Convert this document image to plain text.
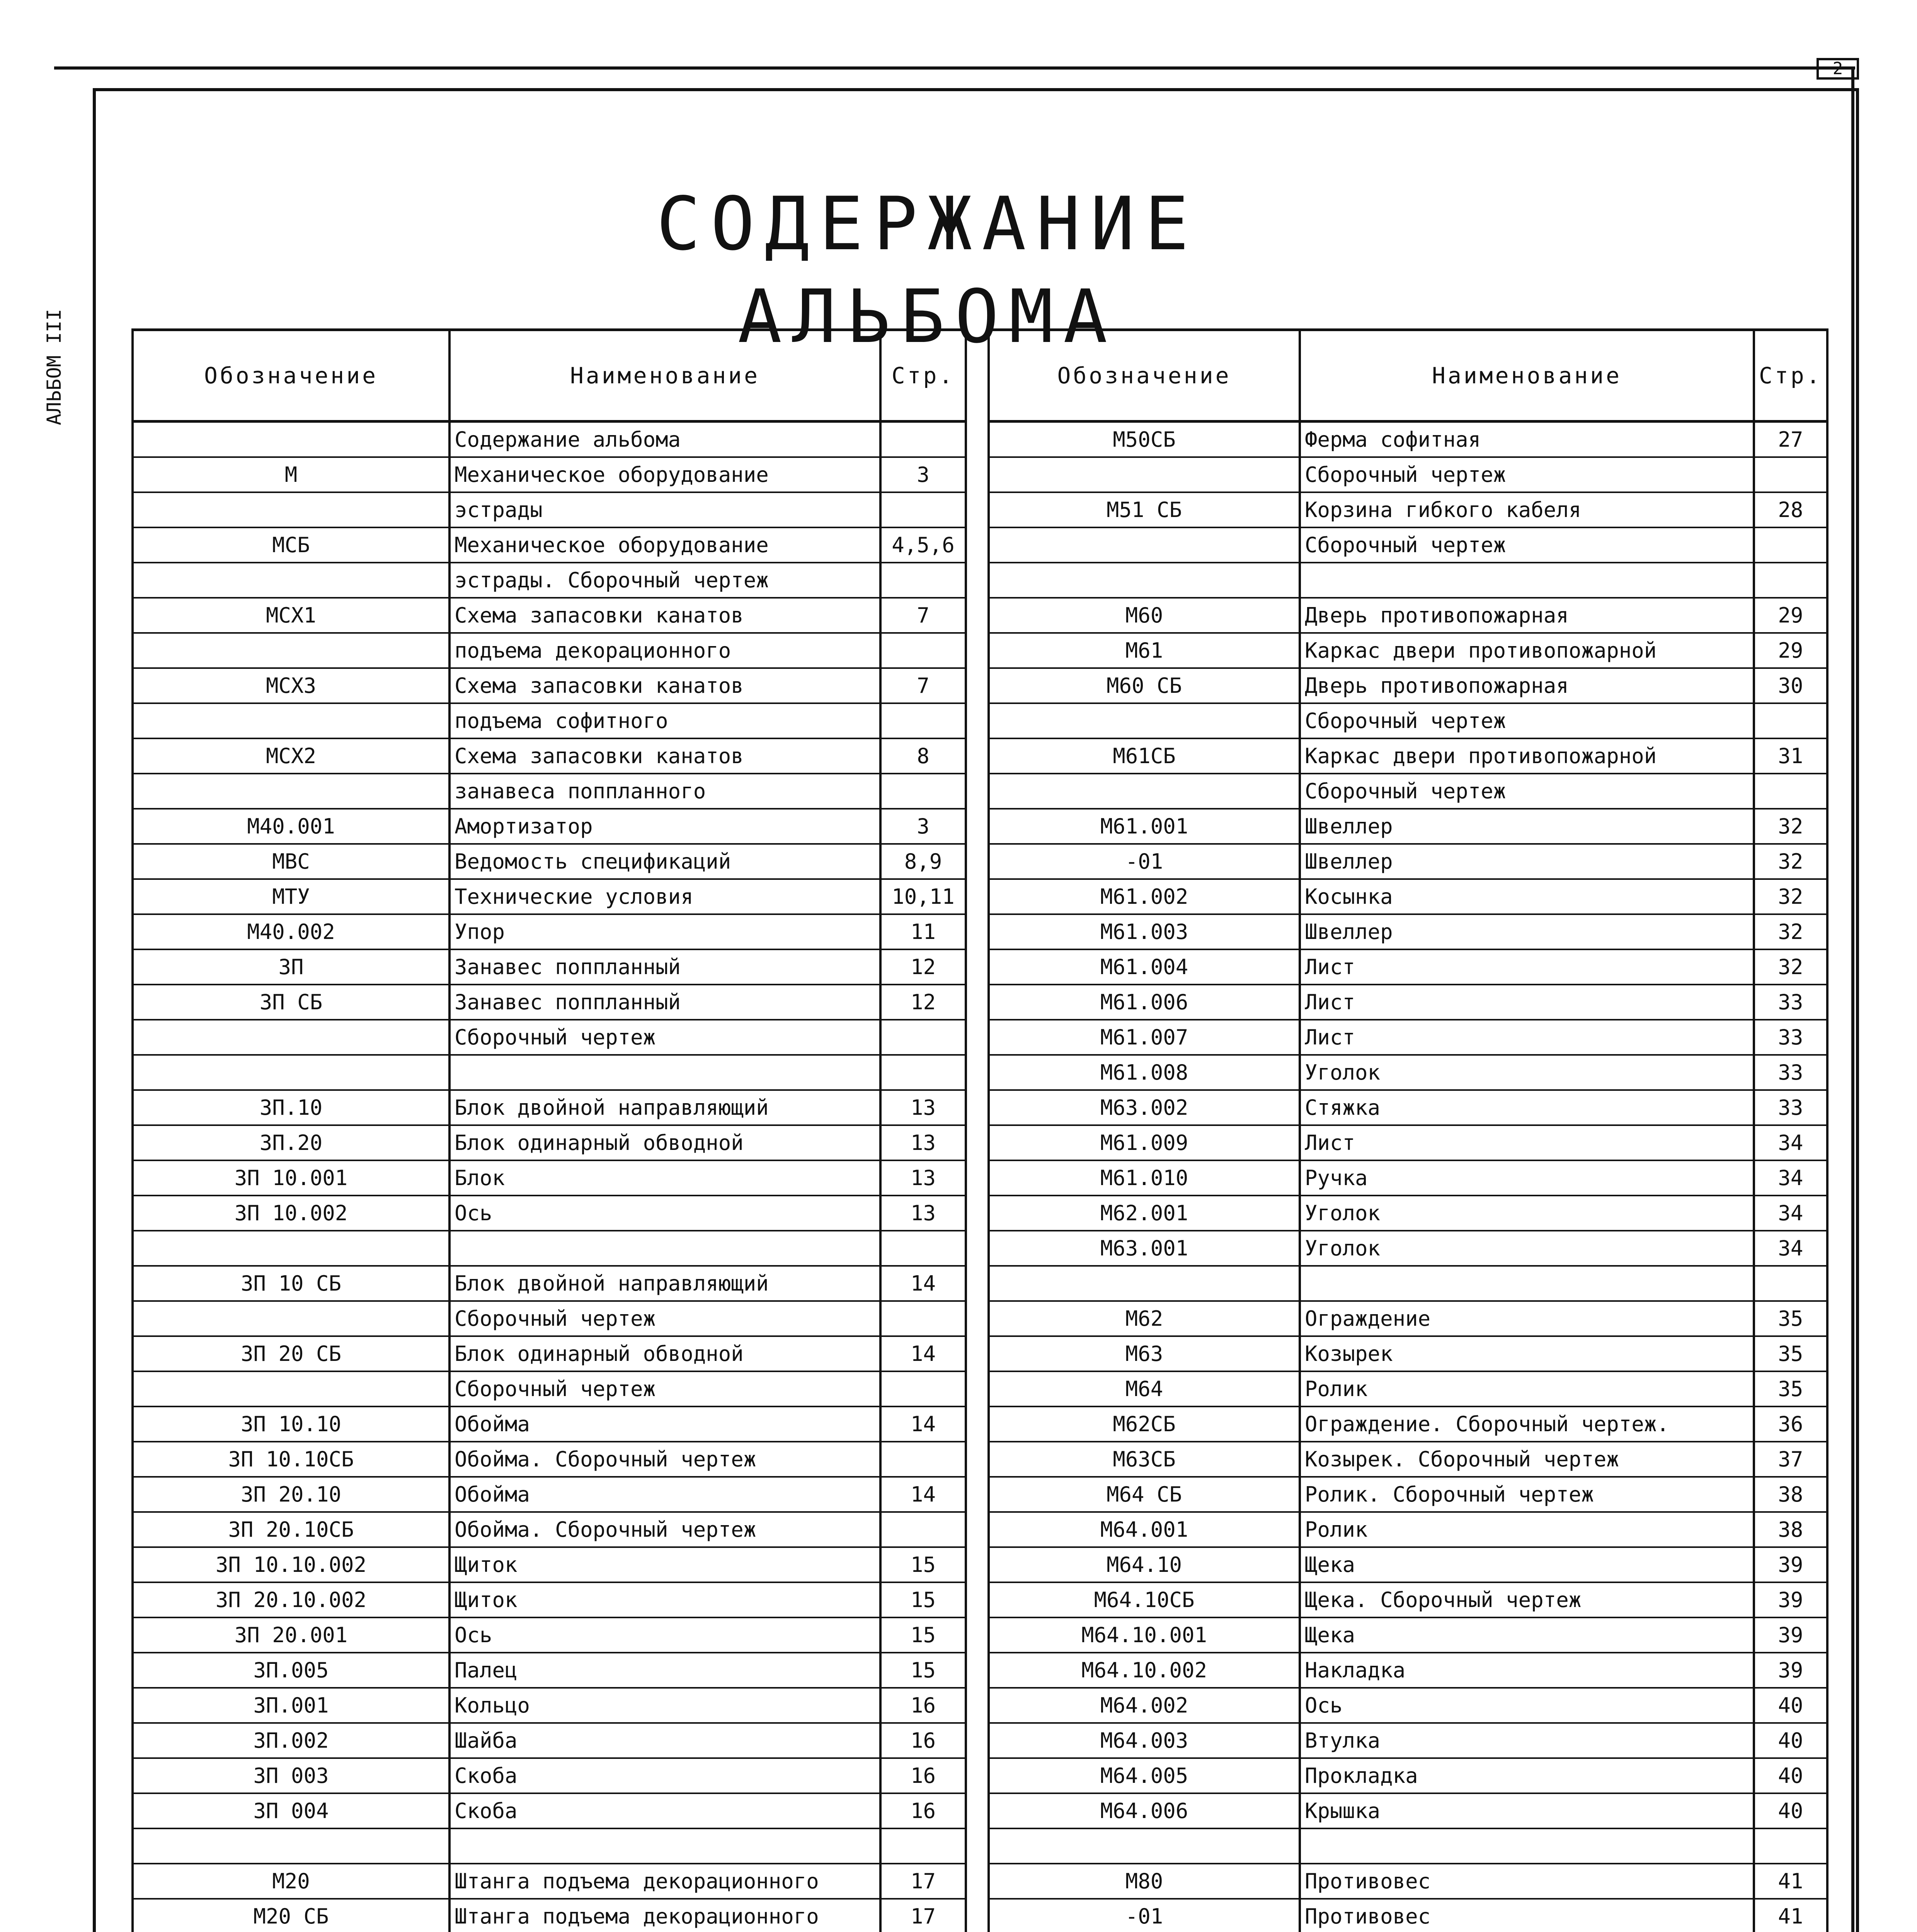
2
АЛЬБОМ III
СОДЕРЖАНИЕ АЛЬБОМА
Обозначение	Наименование	Стр.
	Содержание альбома	
М	Механическое оборудование	3
	эстрады	
МСБ	Механическое оборудование	4,5,6
	эстрады. Сборочный чертеж	
МСХ1	Схема запасовки канатов	7
	подъема декорационного	
МСХ3	Схема запасовки канатов	7
	подъема софитного	
МСХ2	Схема запасовки канатов	8
	занавеса поппланного	
М40.001	Амортизатор	3
МВС	Ведомость спецификаций	8,9
МТУ	Технические условия	10,11
М40.002	Упор	11
ЗП	Занавес поппланный	12
ЗП СБ	Занавес поппланный	12
	Сборочный чертеж	

ЗП.10	Блок двойной направляющий	13
ЗП.20	Блок одинарный обводной	13
ЗП 10.001	Блок	13
ЗП 10.002	Ось	13

ЗП 10 СБ	Блок двойной направляющий	14
	Сборочный чертеж	
ЗП 20 СБ	Блок одинарный обводной	14
	Сборочный чертеж	
ЗП 10.10	Обойма	14
ЗП 10.10СБ	Обойма. Сборочный чертеж	
ЗП 20.10	Обойма	14
ЗП 20.10СБ	Обойма. Сборочный чертеж	
ЗП 10.10.002	Щиток	15
ЗП 20.10.002	Щиток	15
ЗП 20.001	Ось	15
ЗП.005	Палец	15
ЗП.001	Кольцо	16
ЗП.002	Шайба	16
ЗП 003	Скоба	16
ЗП 004	Скоба	16

М20	Штанга подъема декорационного	17
М20 СБ	Штанга подъема декорационного	17

Обозначение	Наименование	Стр.
М50СБ	Ферма софитная	27
	Сборочный чертеж	
М51 СБ	Корзина гибкого кабеля	28
	Сборочный чертеж	

М60	Дверь противопожарная	29
М61	Каркас двери противопожарной	29
М60 СБ	Дверь противопожарная	30
	Сборочный чертеж	
М61СБ	Каркас двери противопожарной	31
	Сборочный чертеж	
М61.001	Швеллер	32
-01	Швеллер	32
М61.002	Косынка	32
М61.003	Швеллер	32
М61.004	Лист	32
М61.006	Лист	33
М61.007	Лист	33
М61.008	Уголок	33
М63.002	Стяжка	33
М61.009	Лист	34
М61.010	Ручка	34
М62.001	Уголок	34
М63.001	Уголок	34

М62	Ограждение	35
М63	Козырек	35
М64	Ролик	35
М62СБ	Ограждение. Сборочный чертеж.	36
М63СБ	Козырек. Сборочный чертеж	37
М64 СБ	Ролик. Сборочный чертеж	38
М64.001	Ролик	38
М64.10	Щека	39
М64.10СБ	Щека. Сборочный чертеж	39
М64.10.001	Щека	39
М64.10.002	Накладка	39
М64.002	Ось	40
М64.003	Втулка	40
М64.005	Прокладка	40
М64.006	Крышка	40

М80	Противовес	41
-01	Противовес	41
